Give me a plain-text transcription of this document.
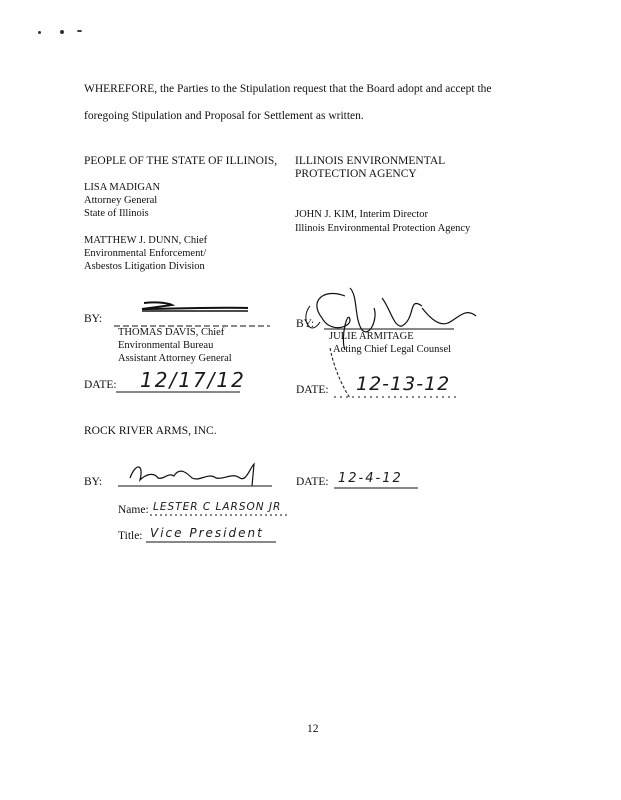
WHEREFORE, the Parties to the Stipulation request that the Board adopt and accept the
foregoing Stipulation and Proposal for Settlement as written.
PEOPLE OF THE STATE OF ILLINOIS,
LISA MADIGAN
Attorney General
State of Illinois
MATTHEW J. DUNN, Chief
Environmental Enforcement/
Asbestos Litigation Division
BY:
THOMAS DAVIS, Chief
Environmental Bureau
Assistant Attorney General
DATE: 12/17/12
ILLINOIS ENVIRONMENTAL
PROTECTION AGENCY
JOHN J. KIM, Interim Director
Illinois Environmental Protection Agency
BY:
JULIE ARMITAGE
Acting Chief Legal Counsel
DATE: 12-13-12
ROCK RIVER ARMS, INC.
BY:	DATE: 12-4-12
Name: LESTER C LARSON JR
Title: Vice President
12
